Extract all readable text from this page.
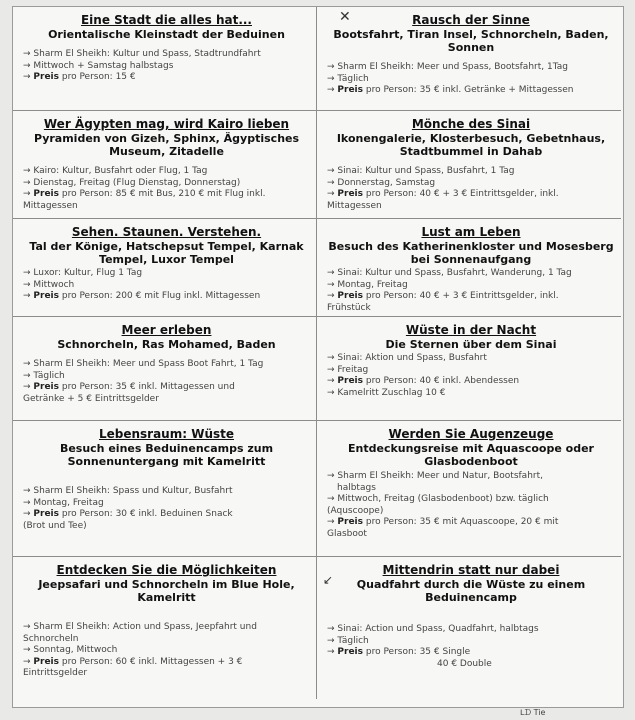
Eine Stadt die alles hat...
Orientalische Kleinstadt der Beduinen
→ Sharm El Sheikh: Kultur und Spass, Stadtrundfahrt
→ Mittwoch + Samstag halbstags
→ Preis pro Person: 15 €
✕	Rausch der Sinne
Bootsfahrt, Tiran Insel, Schnorcheln, Baden, Sonnen
→ Sharm El Sheikh: Meer und Spass, Bootsfahrt, 1Tag
→ Täglich
→ Preis pro Person: 35 € inkl. Getränke + Mittagessen
Wer Ägypten mag, wird Kairo lieben
Pyramiden von Gizeh, Sphinx, Ägyptisches Museum, Zitadelle
→ Kairo: Kultur, Busfahrt oder Flug, 1 Tag
→ Dienstag, Freitag (Flug Dienstag, Donnerstag)
→ Preis pro Person: 85 € mit Bus, 210 € mit Flug inkl.
Mittagessen
Mönche des Sinai
Ikonengalerie, Klosterbesuch, Gebetnhaus, Stadtbummel in Dahab
→ Sinai: Kultur und Spass, Busfahrt, 1 Tag
→ Donnerstag, Samstag
→ Preis pro Person: 40 € + 3 € Eintrittsgelder, inkl.
Mittagessen
Sehen. Staunen. Verstehen.
Tal der Könige, Hatschepsut Tempel, Karnak Tempel, Luxor Tempel
→ Luxor: Kultur, Flug 1 Tag
→ Mittwoch
→ Preis pro Person: 200 € mit Flug inkl. Mittagessen
Lust am Leben
Besuch des Katherinenkloster und Mosesberg bei Sonnenaufgang
→ Sinai: Kultur und Spass, Busfahrt, Wanderung, 1 Tag
→ Montag, Freitag
→ Preis pro Person: 40 € + 3 € Eintrittsgelder, inkl.
Frühstück
Meer erleben
Schnorcheln, Ras Mohamed, Baden
→ Sharm El Sheikh: Meer und Spass Boot Fahrt, 1 Tag
→ Täglich
→ Preis pro Person: 35 € inkl. Mittagessen und
Getränke + 5 € Eintrittsgelder
Wüste in der Nacht
Die Sternen über dem Sinai
→ Sinai: Aktion und Spass, Busfahrt
→ Freitag
→ Preis pro Person: 40 € inkl. Abendessen
→ Kamelritt Zuschlag 10 €
Lebensraum: Wüste
Besuch eines Beduinencamps zum Sonnenuntergang mit Kamelritt
→ Sharm El Sheikh: Spass und Kultur, Busfahrt
→ Montag, Freitag
→ Preis pro Person: 30 € inkl. Beduinen Snack
(Brot und Tee)
Werden Sie Augenzeuge
Entdeckungsreise mit Aquascoope oder Glasbodenboot
→ Sharm El Sheikh: Meer und Natur, Bootsfahrt,
halbtags
→ Mittwoch, Freitag (Glasbodenboot) bzw. täglich
(Aquscoope)
→ Preis pro Person: 35 € mit Aquascoope, 20 € mit
Glasboot
Entdecken Sie die Möglichkeiten
Jeepsafari und Schnorcheln im Blue Hole, Kamelritt
→ Sharm El Sheikh: Action und Spass, Jeepfahrt und
Schnorcheln
→ Sonntag, Mittwoch
→ Preis pro Person: 60 € inkl. Mittagessen + 3 €
Eintrittsgelder
↙
Mittendrin statt nur dabei
Quadfahrt durch die Wüste zu einem Beduinencamp
→ Sinai: Action und Spass, Quadfahrt, halbtags
→ Täglich
→ Preis pro Person: 35 € Single
40 € Double
ᒪᗪ Tie
